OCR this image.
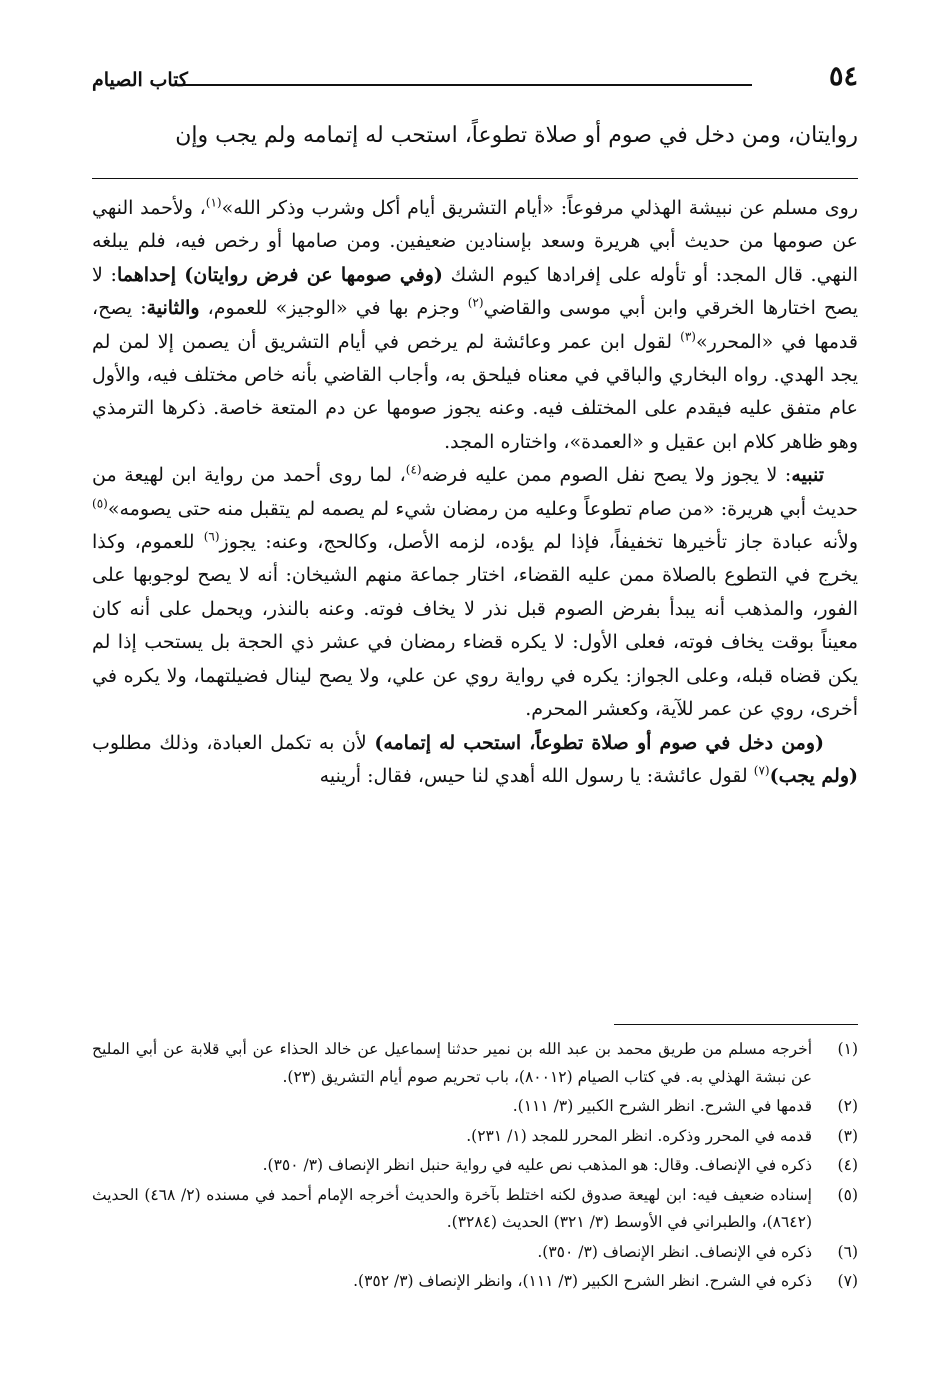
٥٤
كتاب الصيام
روايتان، ومن دخل في صوم أو صلاة تطوعاً، استحب له إتمامه ولم يجب وإن

روى مسلم عن نبيشة الهذلي مرفوعاً: «أيام التشريق أيام أكل وشرب وذكر الله»$^{(١)}$، ولأحمد النهي عن صومها من حديث أبي هريرة وسعد بإسنادين ضعيفين. ومن صامها أو رخص فيه، فلم يبلغه النهي. قال المجد: أو تأوله على إفرادها كيوم الشك (وفي صومها عن فرض روايتان) إحداهما: لا يصح اختارها الخرقي وابن أبي موسى والقاضي$^{(٢)}$ وجزم بها في «الوجيز» للعموم، والثانية: يصح، قدمها في «المحرر»$^{(٣)}$ لقول ابن عمر وعائشة لم يرخص في أيام التشريق أن يصمن إلا لمن لم يجد الهدي. رواه البخاري والباقي في معناه فيلحق به، وأجاب القاضي بأنه خاص مختلف فيه، والأول عام متفق عليه فيقدم على المختلف فيه. وعنه يجوز صومها عن دم المتعة خاصة. ذكرها الترمذي وهو ظاهر كلام ابن عقيل و «العمدة»، واختاره المجد.

تنبيه: لا يجوز ولا يصح نفل الصوم ممن عليه فرضه$^{(٤)}$، لما روى أحمد من رواية ابن لهيعة من حديث أبي هريرة: «من صام تطوعاً وعليه من رمضان شيء لم يصمه لم يتقبل منه حتى يصومه»$^{(٥)}$ ولأنه عبادة جاز تأخيرها تخفيفاً، فإذا لم يؤده، لزمه الأصل، وكالحج، وعنه: يجوز$^{(٦)}$ للعموم، وكذا يخرج في التطوع بالصلاة ممن عليه القضاء، اختار جماعة منهم الشيخان: أنه لا يصح لوجوبها على الفور، والمذهب أنه يبدأ بفرض الصوم قبل نذر لا يخاف فوته. وعنه بالنذر، ويحمل على أنه كان معيناً بوقت يخاف فوته، فعلى الأول: لا يكره قضاء رمضان في عشر ذي الحجة بل يستحب إذا لم يكن قضاه قبله، وعلى الجواز: يكره في رواية روي عن علي، ولا يصح لينال فضيلتهما، ولا يكره في أخرى، روي عن عمر للآية، وكعشر المحرم.

(ومن دخل في صوم أو صلاة تطوعاً، استحب له إتمامه) لأن به تكمل العبادة، وذلك مطلوب (ولم يجب)$^{(٧)}$ لقول عائشة: يا رسول الله أهدي لنا حيس، فقال: أرينيه

(١)
أخرجه مسلم من طريق محمد بن عبد الله بن نمير حدثنا إسماعيل عن خالد الحذاء عن أبي قلابة عن أبي المليح عن نبشة الهذلي به. في كتاب الصيام (٨٠٠١٢)، باب تحريم صوم أيام التشريق (٢٣).
(٢)
قدمها في الشرح. انظر الشرح الكبير (٣/ ١١١).
(٣)
قدمه في المحرر وذكره. انظر المحرر للمجد (١/ ٢٣١).
(٤)
ذكره في الإنصاف. وقال: هو المذهب نص عليه في رواية حنبل انظر الإنصاف (٣/ ٣٥٠).
(٥)
إسناده ضعيف فيه: ابن لهيعة صدوق لكنه اختلط بآخرة والحديث أخرجه الإمام أحمد في مسنده (٢/ ٤٦٨) الحديث (٨٦٤٢)، والطبراني في الأوسط (٣/ ٣٢١) الحديث (٣٢٨٤).
(٦)
ذكره في الإنصاف. انظر الإنصاف (٣/ ٣٥٠).
(٧)
ذكره في الشرح. انظر الشرح الكبير (٣/ ١١١)، وانظر الإنصاف (٣/ ٣٥٢).
